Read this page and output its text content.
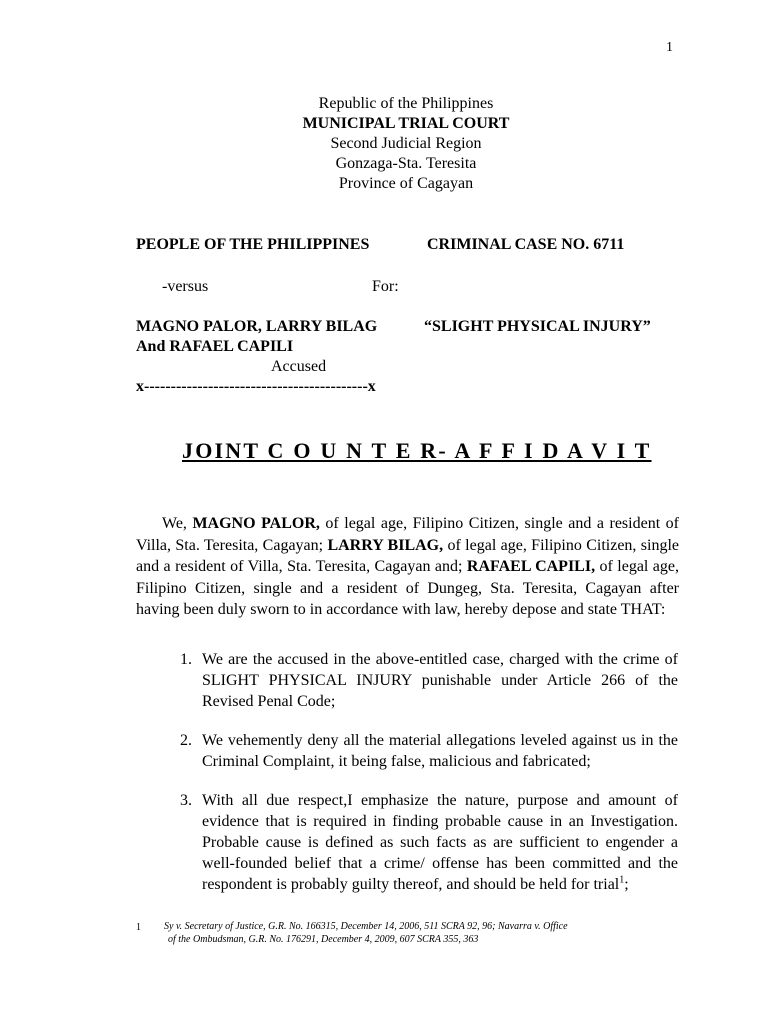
1
Republic of the Philippines
MUNICIPAL TRIAL COURT
Second Judicial Region
Gonzaga-Sta. Teresita
Province of Cagayan
PEOPLE OF THE PHILIPPINES	CRIMINAL CASE NO. 6711
-versus	For:
MAGNO PALOR, LARRY BILAG	“SLIGHT PHYSICAL INJURY”
And RAFAEL CAPILI
Accused
x------------------------------------------x
JOINT C O U N T E R- A F F I D A V I T
We, MAGNO PALOR, of legal age, Filipino Citizen, single and a resident of Villa, Sta. Teresita, Cagayan; LARRY BILAG, of legal age, Filipino Citizen, single and a resident of Villa, Sta. Teresita, Cagayan and; RAFAEL CAPILI, of legal age, Filipino Citizen, single and a resident of Dungeg, Sta. Teresita, Cagayan after having been duly sworn to in accordance with law, hereby depose and state THAT:
1. We are the accused in the above-entitled case, charged with the crime of SLIGHT PHYSICAL INJURY punishable under Article 266 of the Revised Penal Code;
2. We vehemently deny all the material allegations leveled against us in the Criminal Complaint, it being false, malicious and fabricated;
3. With all due respect,I emphasize the nature, purpose and amount of evidence that is required in finding probable cause in an Investigation. Probable cause is defined as such facts as are sufficient to engender a well-founded belief that a crime/ offense has been committed and the respondent is probably guilty thereof, and should be held for trial$^1$;
1 Sy v. Secretary of Justice, G.R. No. 166315, December 14, 2006, 511 SCRA 92, 96; Navarra v. Office
of the Ombudsman, G.R. No. 176291, December 4, 2009, 607 SCRA 355, 363
